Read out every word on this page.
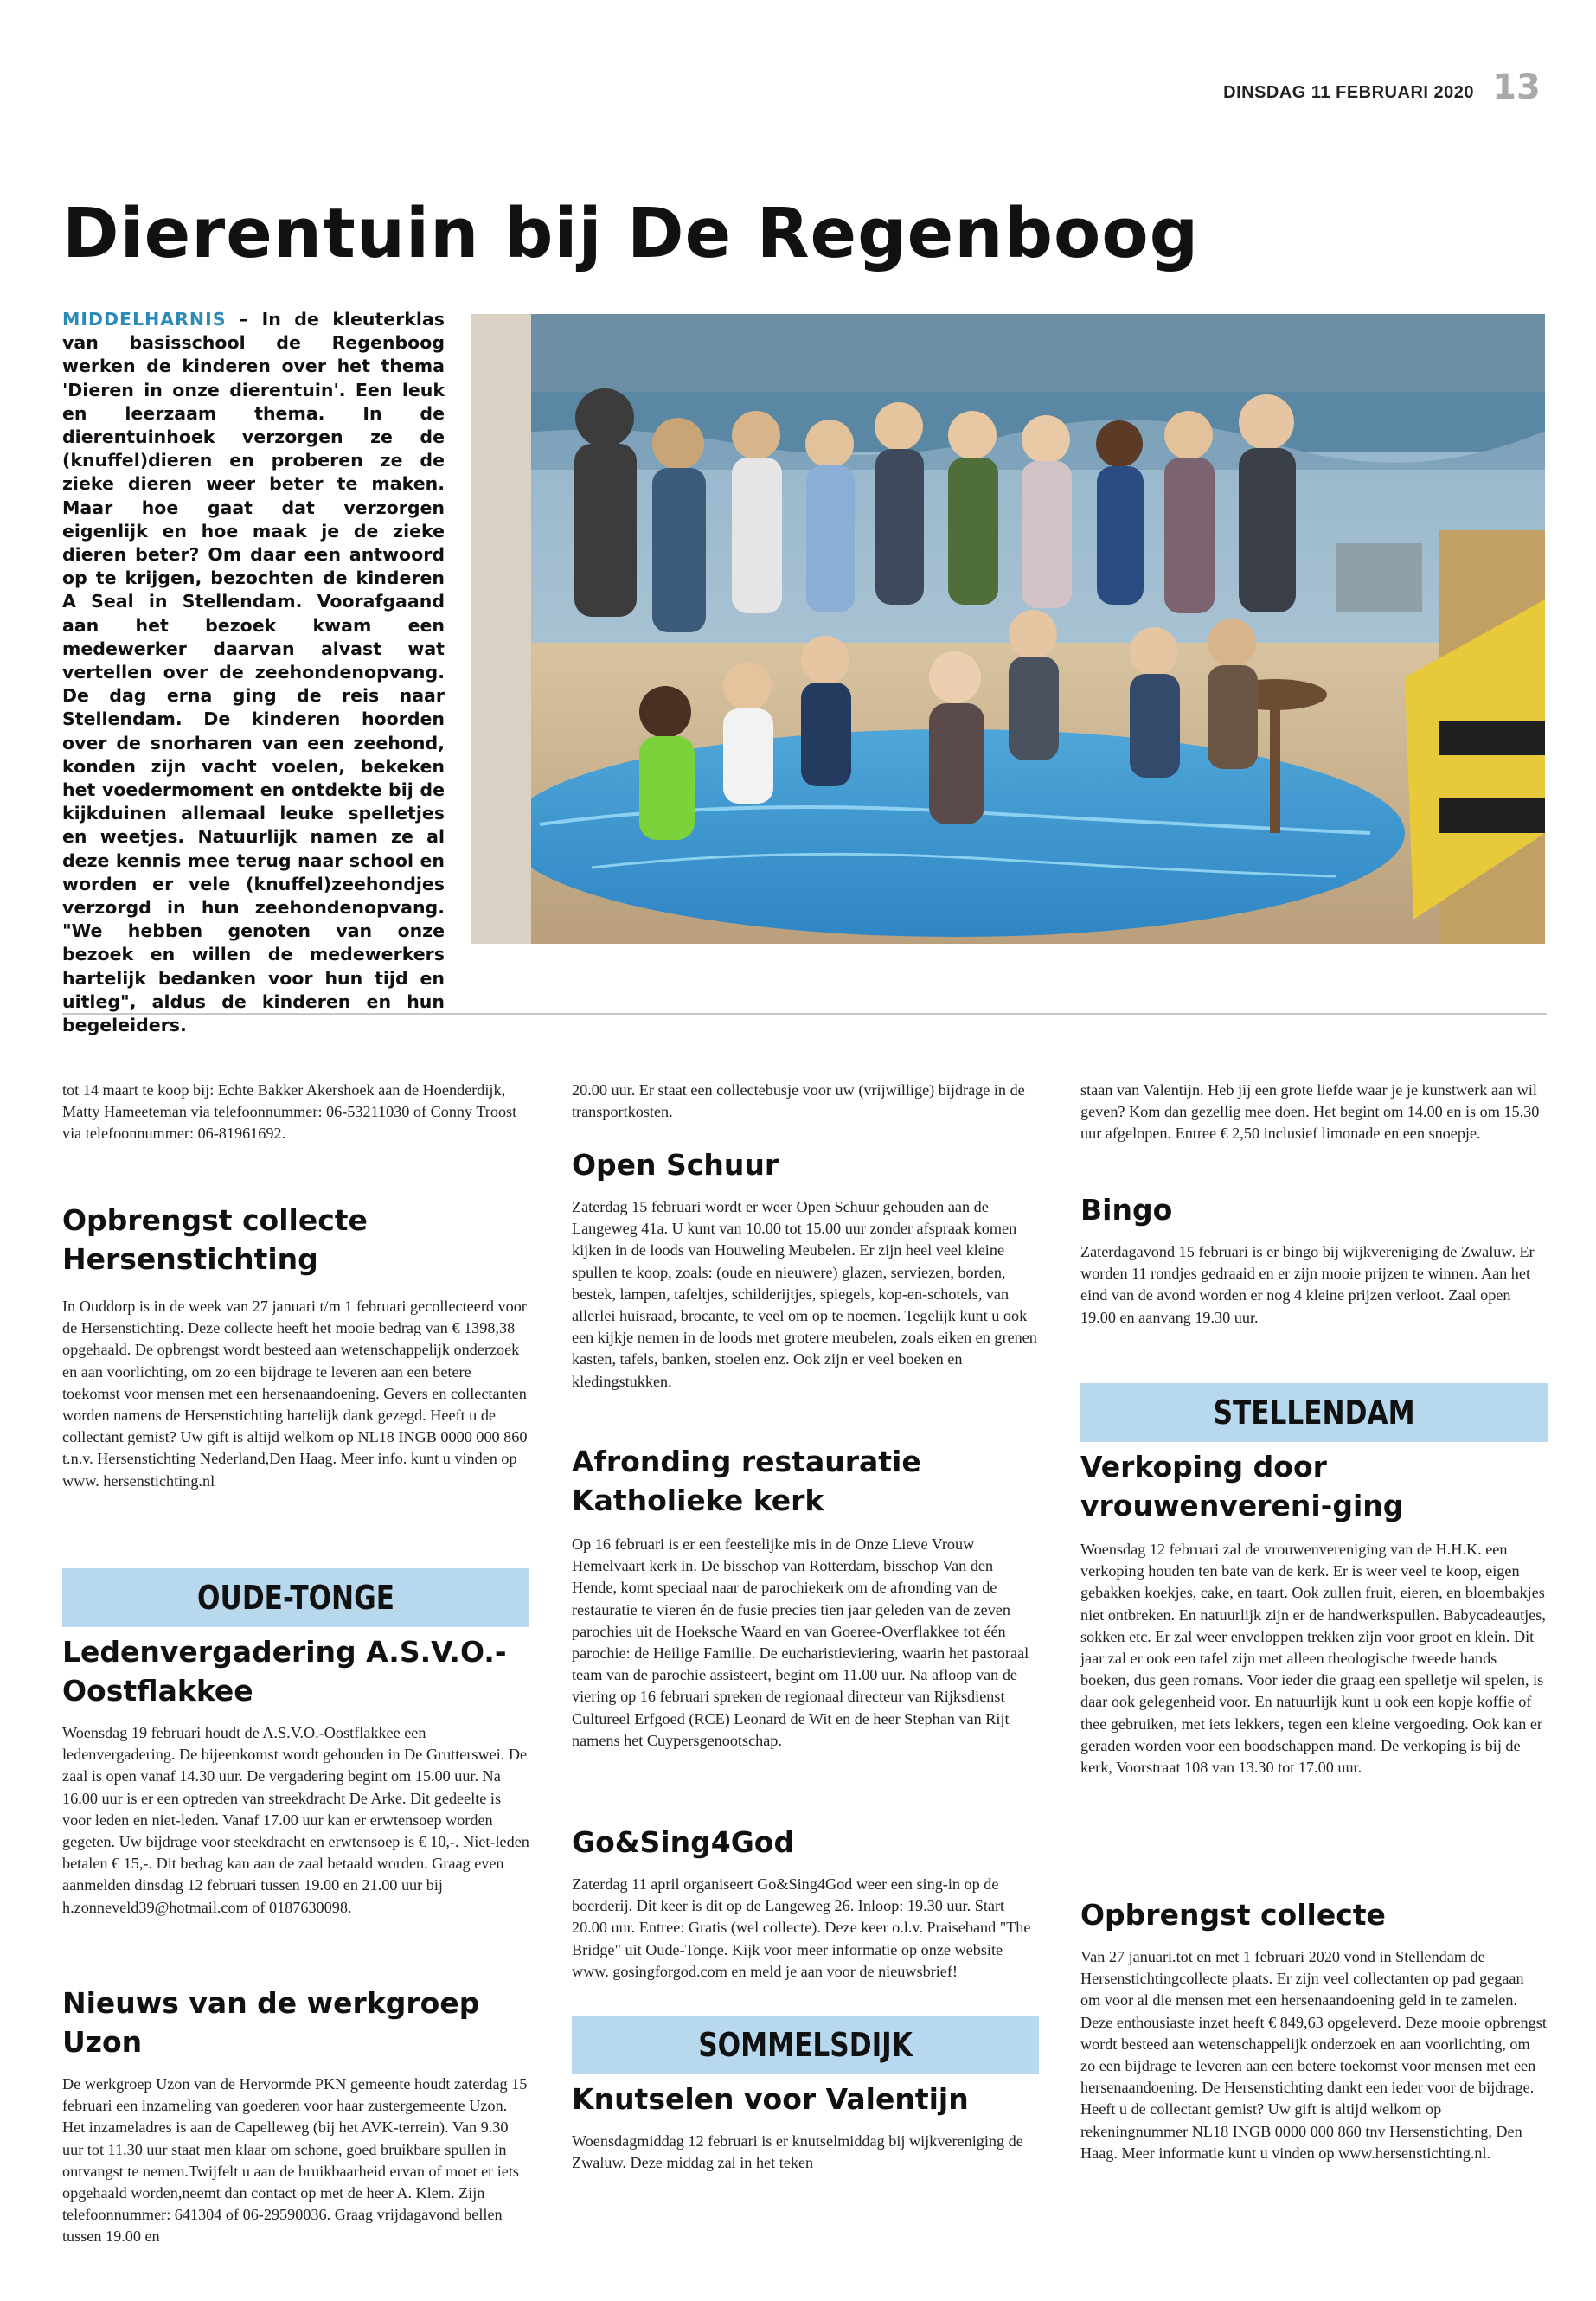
DINSDAG 11 FEBRUARI 2020 13
Dierentuin bij De Regenboog
MIDDELHARNIS – In de kleuterklas van basisschool de Regenboog werken de kinderen over het thema 'Dieren in onze dierentuin'. Een leuk en leerzaam thema. In de dierentuinhoek verzorgen ze de (knuffel)dieren en proberen ze de zieke dieren weer beter te maken. Maar hoe gaat dat verzorgen eigenlijk en hoe maak je de zieke dieren beter? Om daar een antwoord op te krijgen, bezochten de kinderen A Seal in Stellendam. Voorafgaand aan het bezoek kwam een medewerker daarvan alvast wat vertellen over de zeehondenopvang. De dag erna ging de reis naar Stellendam. De kinderen hoorden over de snorharen van een zeehond, konden zijn vacht voelen, bekeken het voedermoment en ontdekte bij de kijkduinen allemaal leuke spelletjes en weetjes. Natuurlijk namen ze al deze kennis mee terug naar school en worden er vele (knuffel)zeehondjes verzorgd in hun zeehondenopvang. "We hebben genoten van onze bezoek en willen de medewerkers hartelijk bedanken voor hun tijd en uitleg", aldus de kinderen en hun begeleiders.
tot 14 maart te koop bij: Echte Bakker Akershoek aan de Hoenderdijk, Matty Hameeteman via telefoonnummer: 06-53211030 of Conny Troost via telefoonnummer: 06-81961692.
Opbrengst collecte Hersenstichting
In Ouddorp is in de week van 27 januari t/m 1 februari gecollecteerd voor de Hersenstichting. Deze collecte heeft het mooie bedrag van € 1398,38 opgehaald. De opbrengst wordt besteed aan wetenschappelijk onderzoek en aan voorlichting, om zo een bijdrage te leveren aan een betere toekomst voor mensen met een hersenaandoening. Gevers en collectanten worden namens de Hersenstichting hartelijk dank gezegd. Heeft u de collectant gemist? Uw gift is altijd welkom op NL18 INGB 0000 000 860 t.n.v. Hersenstichting Nederland,Den Haag. Meer info. kunt u vinden op www. hersenstichting.nl
OUDE-TONGE
Ledenvergadering A.S.V.O.-Oostflakkee
Woensdag 19 februari houdt de A.S.V.O.-Oostflakkee een ledenvergadering. De bijeenkomst wordt gehouden in De Grutterswei. De zaal is open vanaf 14.30 uur. De vergadering begint om 15.00 uur. Na 16.00 uur is er een optreden van streekdracht De Arke. Dit gedeelte is voor leden en niet-leden. Vanaf 17.00 uur kan er erwtensoep worden gegeten. Uw bijdrage voor steekdracht en erwtensoep is € 10,-. Niet-leden betalen € 15,-. Dit bedrag kan aan de zaal betaald worden. Graag even aanmelden dinsdag 12 februari tussen 19.00 en 21.00 uur bij h.zonneveld39@hotmail.com of 0187630098.
Nieuws van de werkgroep Uzon
De werkgroep Uzon van de Hervormde PKN gemeente houdt zaterdag 15 februari een inzameling van goederen voor haar zustergemeente Uzon. Het inzameladres is aan de Capelleweg (bij het AVK-terrein). Van 9.30 uur tot 11.30 uur staat men klaar om schone, goed bruikbare spullen in ontvangst te nemen.Twijfelt u aan de bruikbaarheid ervan of moet er iets opgehaald worden,neemt dan contact op met de heer A. Klem. Zijn telefoonnummer: 641304 of 06-29590036. Graag vrijdagavond bellen tussen 19.00 en
20.00 uur. Er staat een collectebusje voor uw (vrijwillige) bijdrage in de transportkosten.
Open Schuur
Zaterdag 15 februari wordt er weer Open Schuur gehouden aan de Langeweg 41a. U kunt van 10.00 tot 15.00 uur zonder afspraak komen kijken in de loods van Houweling Meubelen. Er zijn heel veel kleine spullen te koop, zoals: (oude en nieuwere) glazen, serviezen, borden, bestek, lampen, tafeltjes, schilderijtjes, spiegels, kop-en-schotels, van allerlei huisraad, brocante, te veel om op te noemen. Tegelijk kunt u ook een kijkje nemen in de loods met grotere meubelen, zoals eiken en grenen kasten, tafels, banken, stoelen enz. Ook zijn er veel boeken en kledingstukken.
Afronding restauratie Katholieke kerk
Op 16 februari is er een feestelijke mis in de Onze Lieve Vrouw Hemelvaart kerk in. De bisschop van Rotterdam, bisschop Van den Hende, komt speciaal naar de parochiekerk om de afronding van de restauratie te vieren én de fusie precies tien jaar geleden van de zeven parochies uit de Hoeksche Waard en van Goeree-Overflakkee tot één parochie: de Heilige Familie. De eucharistieviering, waarin het pastoraal team van de parochie assisteert, begint om 11.00 uur. Na afloop van de viering op 16 februari spreken de regionaal directeur van Rijksdienst Cultureel Erfgoed (RCE) Leonard de Wit en de heer Stephan van Rijt namens het Cuypersgenootschap.
Go&Sing4God
Zaterdag 11 april organiseert Go&Sing4God weer een sing-in op de boerderij. Dit keer is dit op de Langeweg 26. Inloop: 19.30 uur. Start 20.00 uur. Entree: Gratis (wel collecte). Deze keer o.l.v. Praiseband "The Bridge" uit Oude-Tonge. Kijk voor meer informatie op onze website www. gosingforgod.com en meld je aan voor de nieuwsbrief!
SOMMELSDIJK
Knutselen voor Valentijn
Woensdagmiddag 12 februari is er knutselmiddag bij wijkvereniging de Zwaluw. Deze middag zal in het teken
staan van Valentijn. Heb jij een grote liefde waar je je kunstwerk aan wil geven? Kom dan gezellig mee doen. Het begint om 14.00 en is om 15.30 uur afgelopen. Entree € 2,50 inclusief limonade en een snoepje.
Bingo
Zaterdagavond 15 februari is er bingo bij wijkvereniging de Zwaluw. Er worden 11 rondjes gedraaid en er zijn mooie prijzen te winnen. Aan het eind van de avond worden er nog 4 kleine prijzen verloot. Zaal open 19.00 en aanvang 19.30 uur.
STELLENDAM
Verkoping door vrouwenvereni-ging
Woensdag 12 februari zal de vrouwenvereniging van de H.H.K. een verkoping houden ten bate van de kerk. Er is weer veel te koop, eigen gebakken koekjes, cake, en taart. Ook zullen fruit, eieren, en bloembakjes niet ontbreken. En natuurlijk zijn er de handwerkspullen. Babycadeautjes, sokken etc. Er zal weer enveloppen trekken zijn voor groot en klein. Dit jaar zal er ook een tafel zijn met alleen theologische tweede hands boeken, dus geen romans. Voor ieder die graag een spelletje wil spelen, is daar ook gelegenheid voor. En natuurlijk kunt u ook een kopje koffie of thee gebruiken, met iets lekkers, tegen een kleine vergoeding. Ook kan er geraden worden voor een boodschappen mand. De verkoping is bij de kerk, Voorstraat 108 van 13.30 tot 17.00 uur.
Opbrengst collecte
Van 27 januari.tot en met 1 februari 2020 vond in Stellendam de Hersenstichtingcollecte plaats. Er zijn veel collectanten op pad gegaan om voor al die mensen met een hersenaandoening geld in te zamelen. Deze enthousiaste inzet heeft € 849,63 opgeleverd. Deze mooie opbrengst wordt besteed aan wetenschappelijk onderzoek en aan voorlichting, om zo een bijdrage te leveren aan een betere toekomst voor mensen met een hersenaandoening. De Hersenstichting dankt een ieder voor de bijdrage. Heeft u de collectant gemist? Uw gift is altijd welkom op rekeningnummer NL18 INGB 0000 000 860 tnv Hersenstichting, Den Haag. Meer informatie kunt u vinden op www.hersenstichting.nl.
